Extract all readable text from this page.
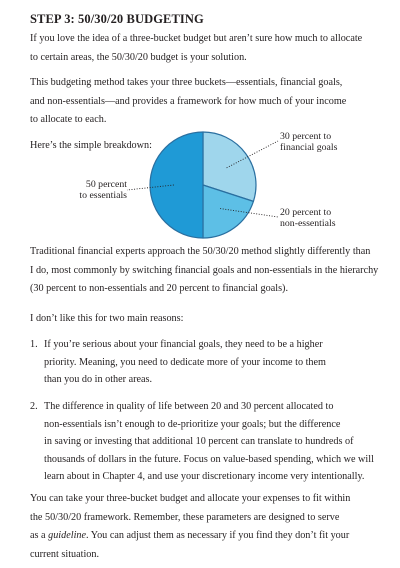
STEP 3: 50/30/20 BUDGETING

If you love the idea of a three-bucket budget but aren’t sure how much to allocate
to certain areas, the 50/30/20 budget is your solution.

This budgeting method takes your three buckets—essentials, financial goals,
and non-essentials—and provides a framework for how much of your income
to allocate to each.

Here’s the simple breakdown:
50 percent
to essentials
30 percent to
financial goals
20 percent to
non-essentials

Traditional financial experts approach the 50/30/20 method slightly differently than
I do, most commonly by switching financial goals and non-essentials in the hierarchy
(30 percent to non-essentials and 20 percent to financial goals).

I don’t like this for two main reasons:

1. If you’re serious about your financial goals, they need to be a higher
priority. Meaning, you need to dedicate more of your income to them
than you do in other areas.
2. The difference in quality of life between 20 and 30 percent allocated to
non-essentials isn’t enough to de-prioritize your goals; but the difference
in saving or investing that additional 10 percent can translate to hundreds of
thousands of dollars in the future. Focus on value-based spending, which we will
learn about in Chapter 4, and use your discretionary income very intentionally.

You can take your three-bucket budget and allocate your expenses to fit within
the 50/30/20 framework. Remember, these parameters are designed to serve
as a guideline. You can adjust them as necessary if you find they don’t fit your
current situation.
